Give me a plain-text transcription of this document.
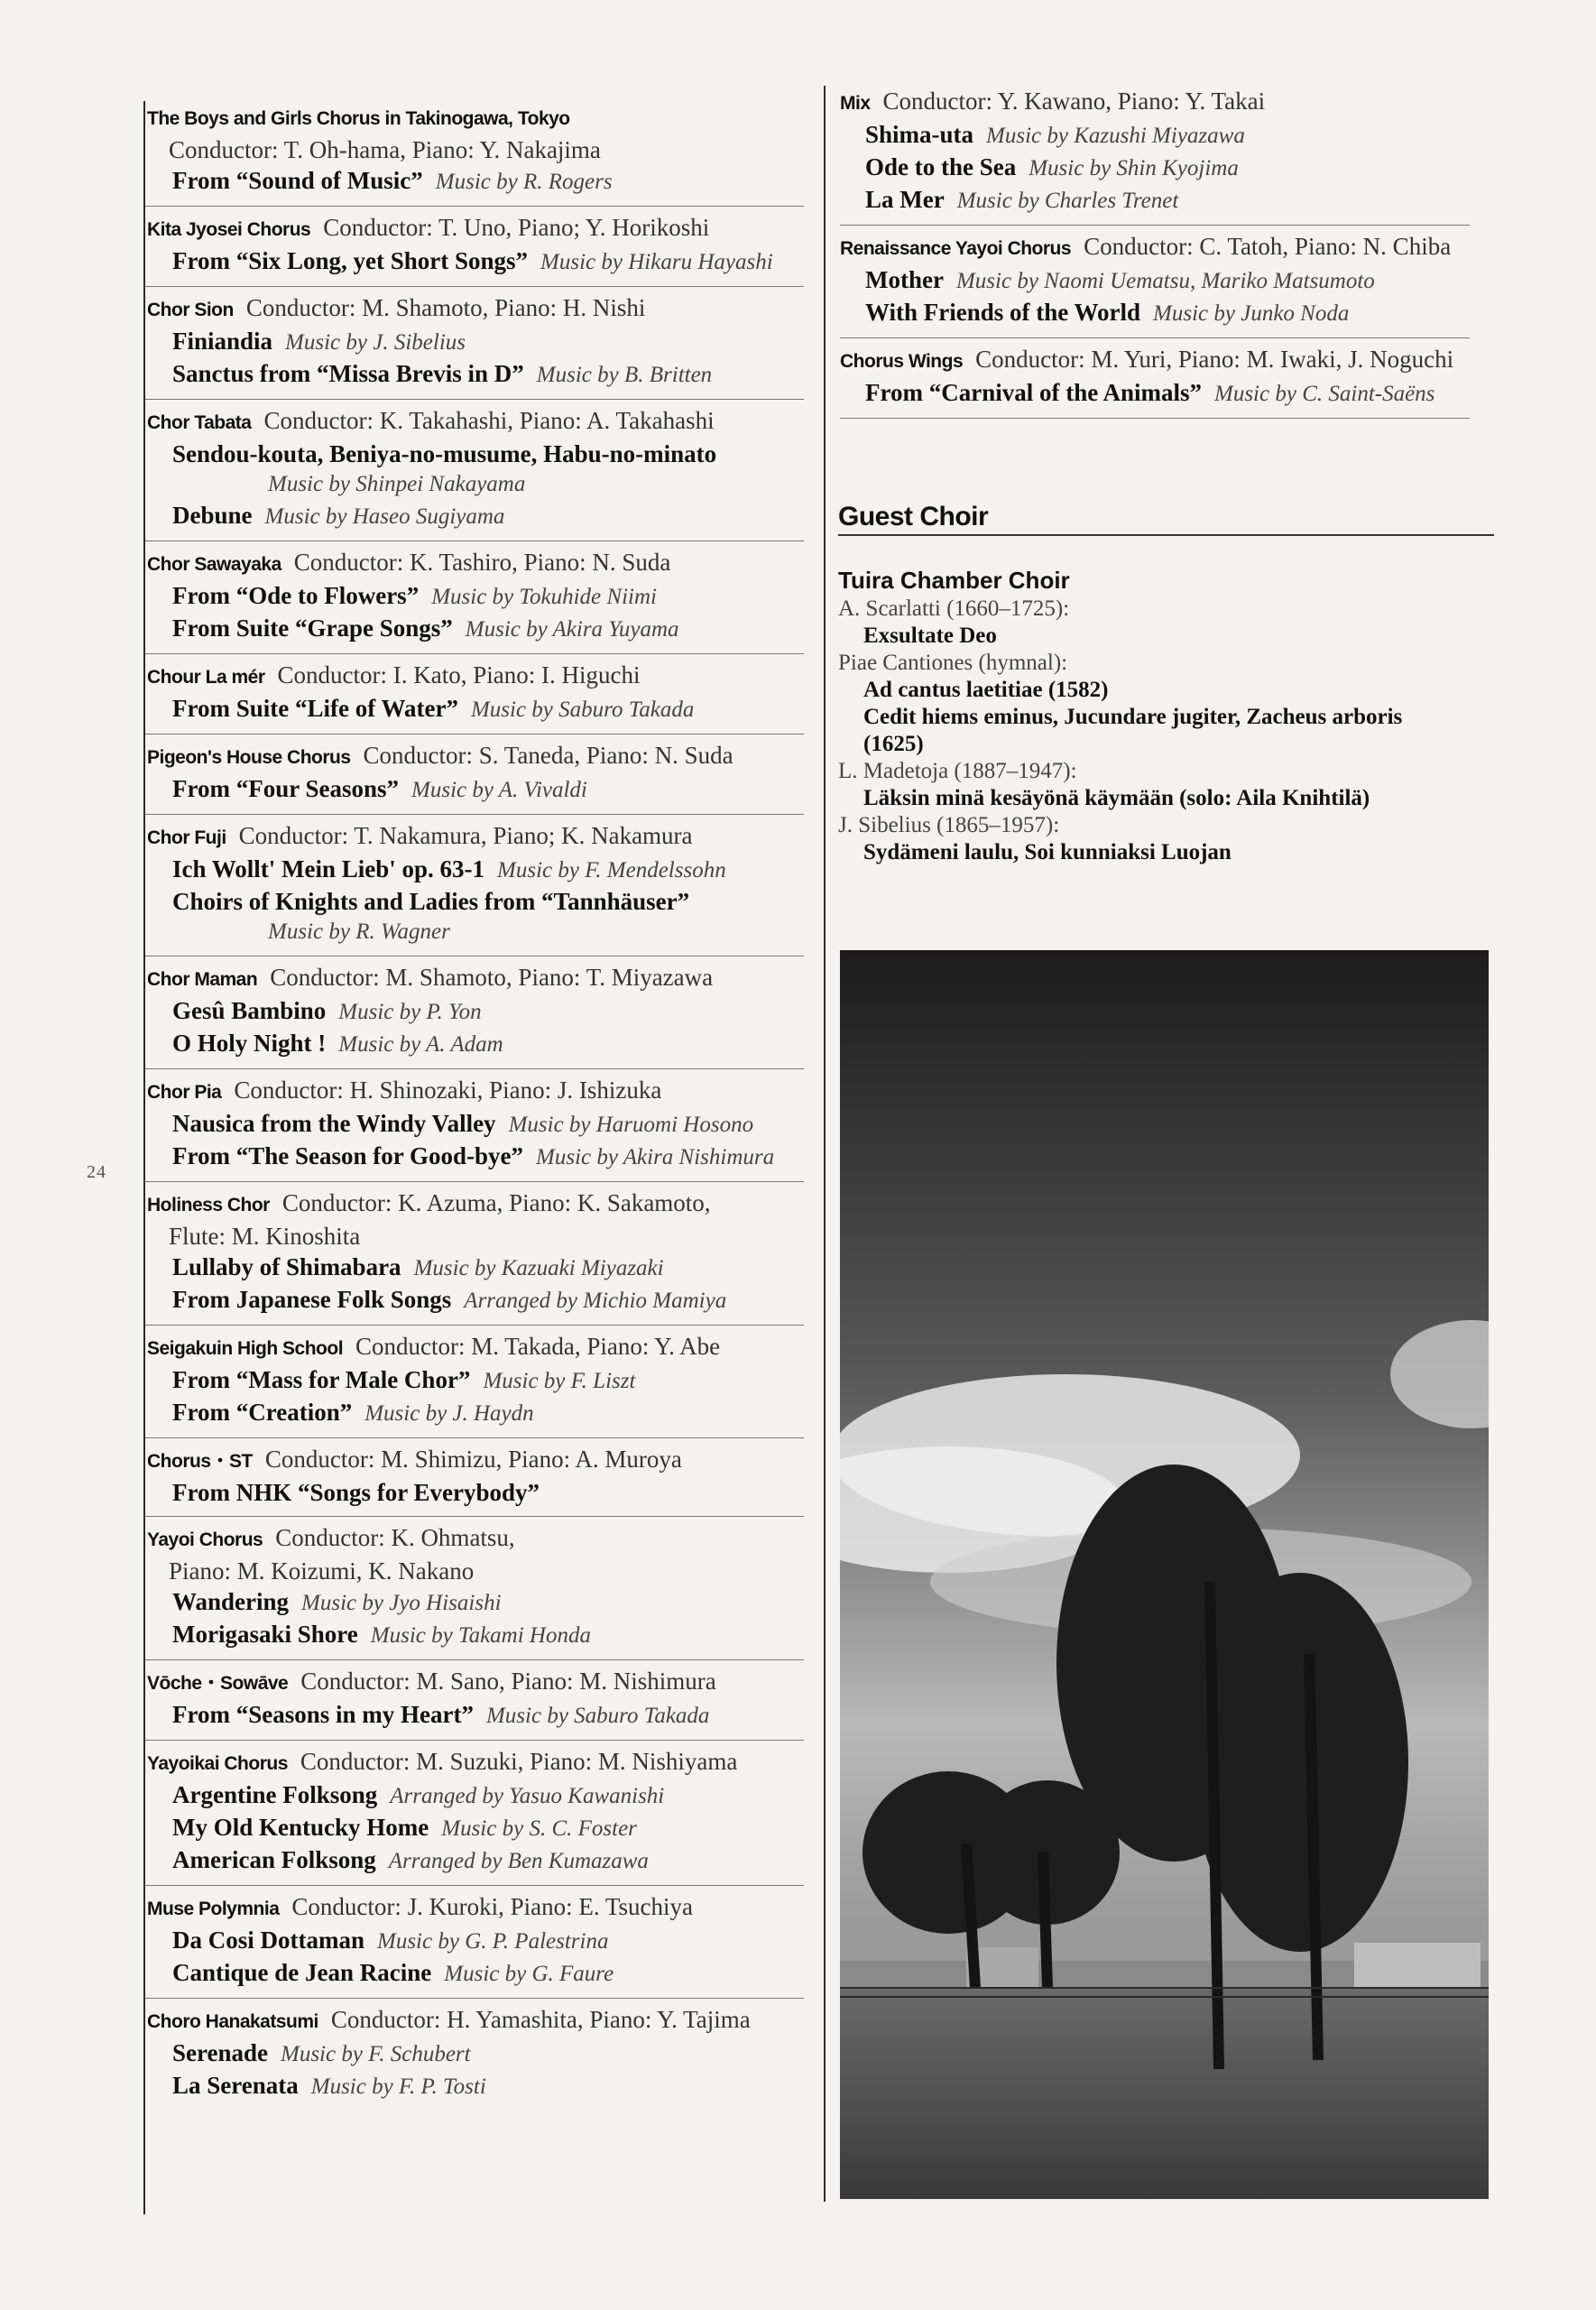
24
The Boys and Girls Chorus in Takinogawa, Tokyo
Conductor: T. Oh-hama, Piano: Y. Nakajima
From “Sound of Music” Music by R. Rogers
Kita Jyosei Chorus Conductor: T. Uno, Piano; Y. Horikoshi
From “Six Long, yet Short Songs” Music by Hikaru Hayashi
Chor Sion Conductor: M. Shamoto, Piano: H. Nishi
Finiandia Music by J. Sibelius
Sanctus from “Missa Brevis in D” Music by B. Britten
Chor Tabata Conductor: K. Takahashi, Piano: A. Takahashi
Sendou-kouta, Beniya-no-musume, Habu-no-minato
Music by Shinpei Nakayama
Debune Music by Haseo Sugiyama
Chor Sawayaka Conductor: K. Tashiro, Piano: N. Suda
From “Ode to Flowers” Music by Tokuhide Niimi
From Suite “Grape Songs” Music by Akira Yuyama
Chour La mér Conductor: I. Kato, Piano: I. Higuchi
From Suite “Life of Water” Music by Saburo Takada
Pigeon's House Chorus Conductor: S. Taneda, Piano: N. Suda
From “Four Seasons” Music by A. Vivaldi
Chor Fuji Conductor: T. Nakamura, Piano; K. Nakamura
Ich Wollt' Mein Lieb' op. 63-1 Music by F. Mendelssohn
Choirs of Knights and Ladies from “Tannhäuser”
Music by R. Wagner
Chor Maman Conductor: M. Shamoto, Piano: T. Miyazawa
Gesû Bambino Music by P. Yon
O Holy Night ! Music by A. Adam
Chor Pia Conductor: H. Shinozaki, Piano: J. Ishizuka
Nausica from the Windy Valley Music by Haruomi Hosono
From “The Season for Good-bye” Music by Akira Nishimura
Holiness Chor Conductor: K. Azuma, Piano: K. Sakamoto,
Flute: M. Kinoshita
Lullaby of Shimabara Music by Kazuaki Miyazaki
From Japanese Folk Songs Arranged by Michio Mamiya
Seigakuin High School Conductor: M. Takada, Piano: Y. Abe
From “Mass for Male Chor” Music by F. Liszt
From “Creation” Music by J. Haydn
Chorus・ST Conductor: M. Shimizu, Piano: A. Muroya
From NHK “Songs for Everybody”
Yayoi Chorus Conductor: K. Ohmatsu,
Piano: M. Koizumi, K. Nakano
Wandering Music by Jyo Hisaishi
Morigasaki Shore Music by Takami Honda
Vōche・Sowāve Conductor: M. Sano, Piano: M. Nishimura
From “Seasons in my Heart” Music by Saburo Takada
Yayoikai Chorus Conductor: M. Suzuki, Piano: M. Nishiyama
Argentine Folksong Arranged by Yasuo Kawanishi
My Old Kentucky Home Music by S. C. Foster
American Folksong Arranged by Ben Kumazawa
Muse Polymnia Conductor: J. Kuroki, Piano: E. Tsuchiya
Da Cosi Dottaman Music by G. P. Palestrina
Cantique de Jean Racine Music by G. Faure
Choro Hanakatsumi Conductor: H. Yamashita, Piano: Y. Tajima
Serenade Music by F. Schubert
La Serenata Music by F. P. Tosti
Mix Conductor: Y. Kawano, Piano: Y. Takai
Shima-uta Music by Kazushi Miyazawa
Ode to the Sea Music by Shin Kyojima
La Mer Music by Charles Trenet
Renaissance Yayoi Chorus Conductor: C. Tatoh, Piano: N. Chiba
Mother Music by Naomi Uematsu, Mariko Matsumoto
With Friends of the World Music by Junko Noda
Chorus Wings Conductor: M. Yuri, Piano: M. Iwaki, J. Noguchi
From “Carnival of the Animals” Music by C. Saint-Saëns
Guest Choir
Tuira Chamber Choir
A. Scarlatti (1660–1725):
Exsultate Deo
Piae Cantiones (hymnal):
Ad cantus laetitiae (1582)
Cedit hiems eminus, Jucundare jugiter, Zacheus arboris
(1625)
L. Madetoja (1887–1947):
Läksin minä kesäyönä käymään (solo: Aila Knihtilä)
J. Sibelius (1865–1957):
Sydämeni laulu, Soi kunniaksi Luojan
